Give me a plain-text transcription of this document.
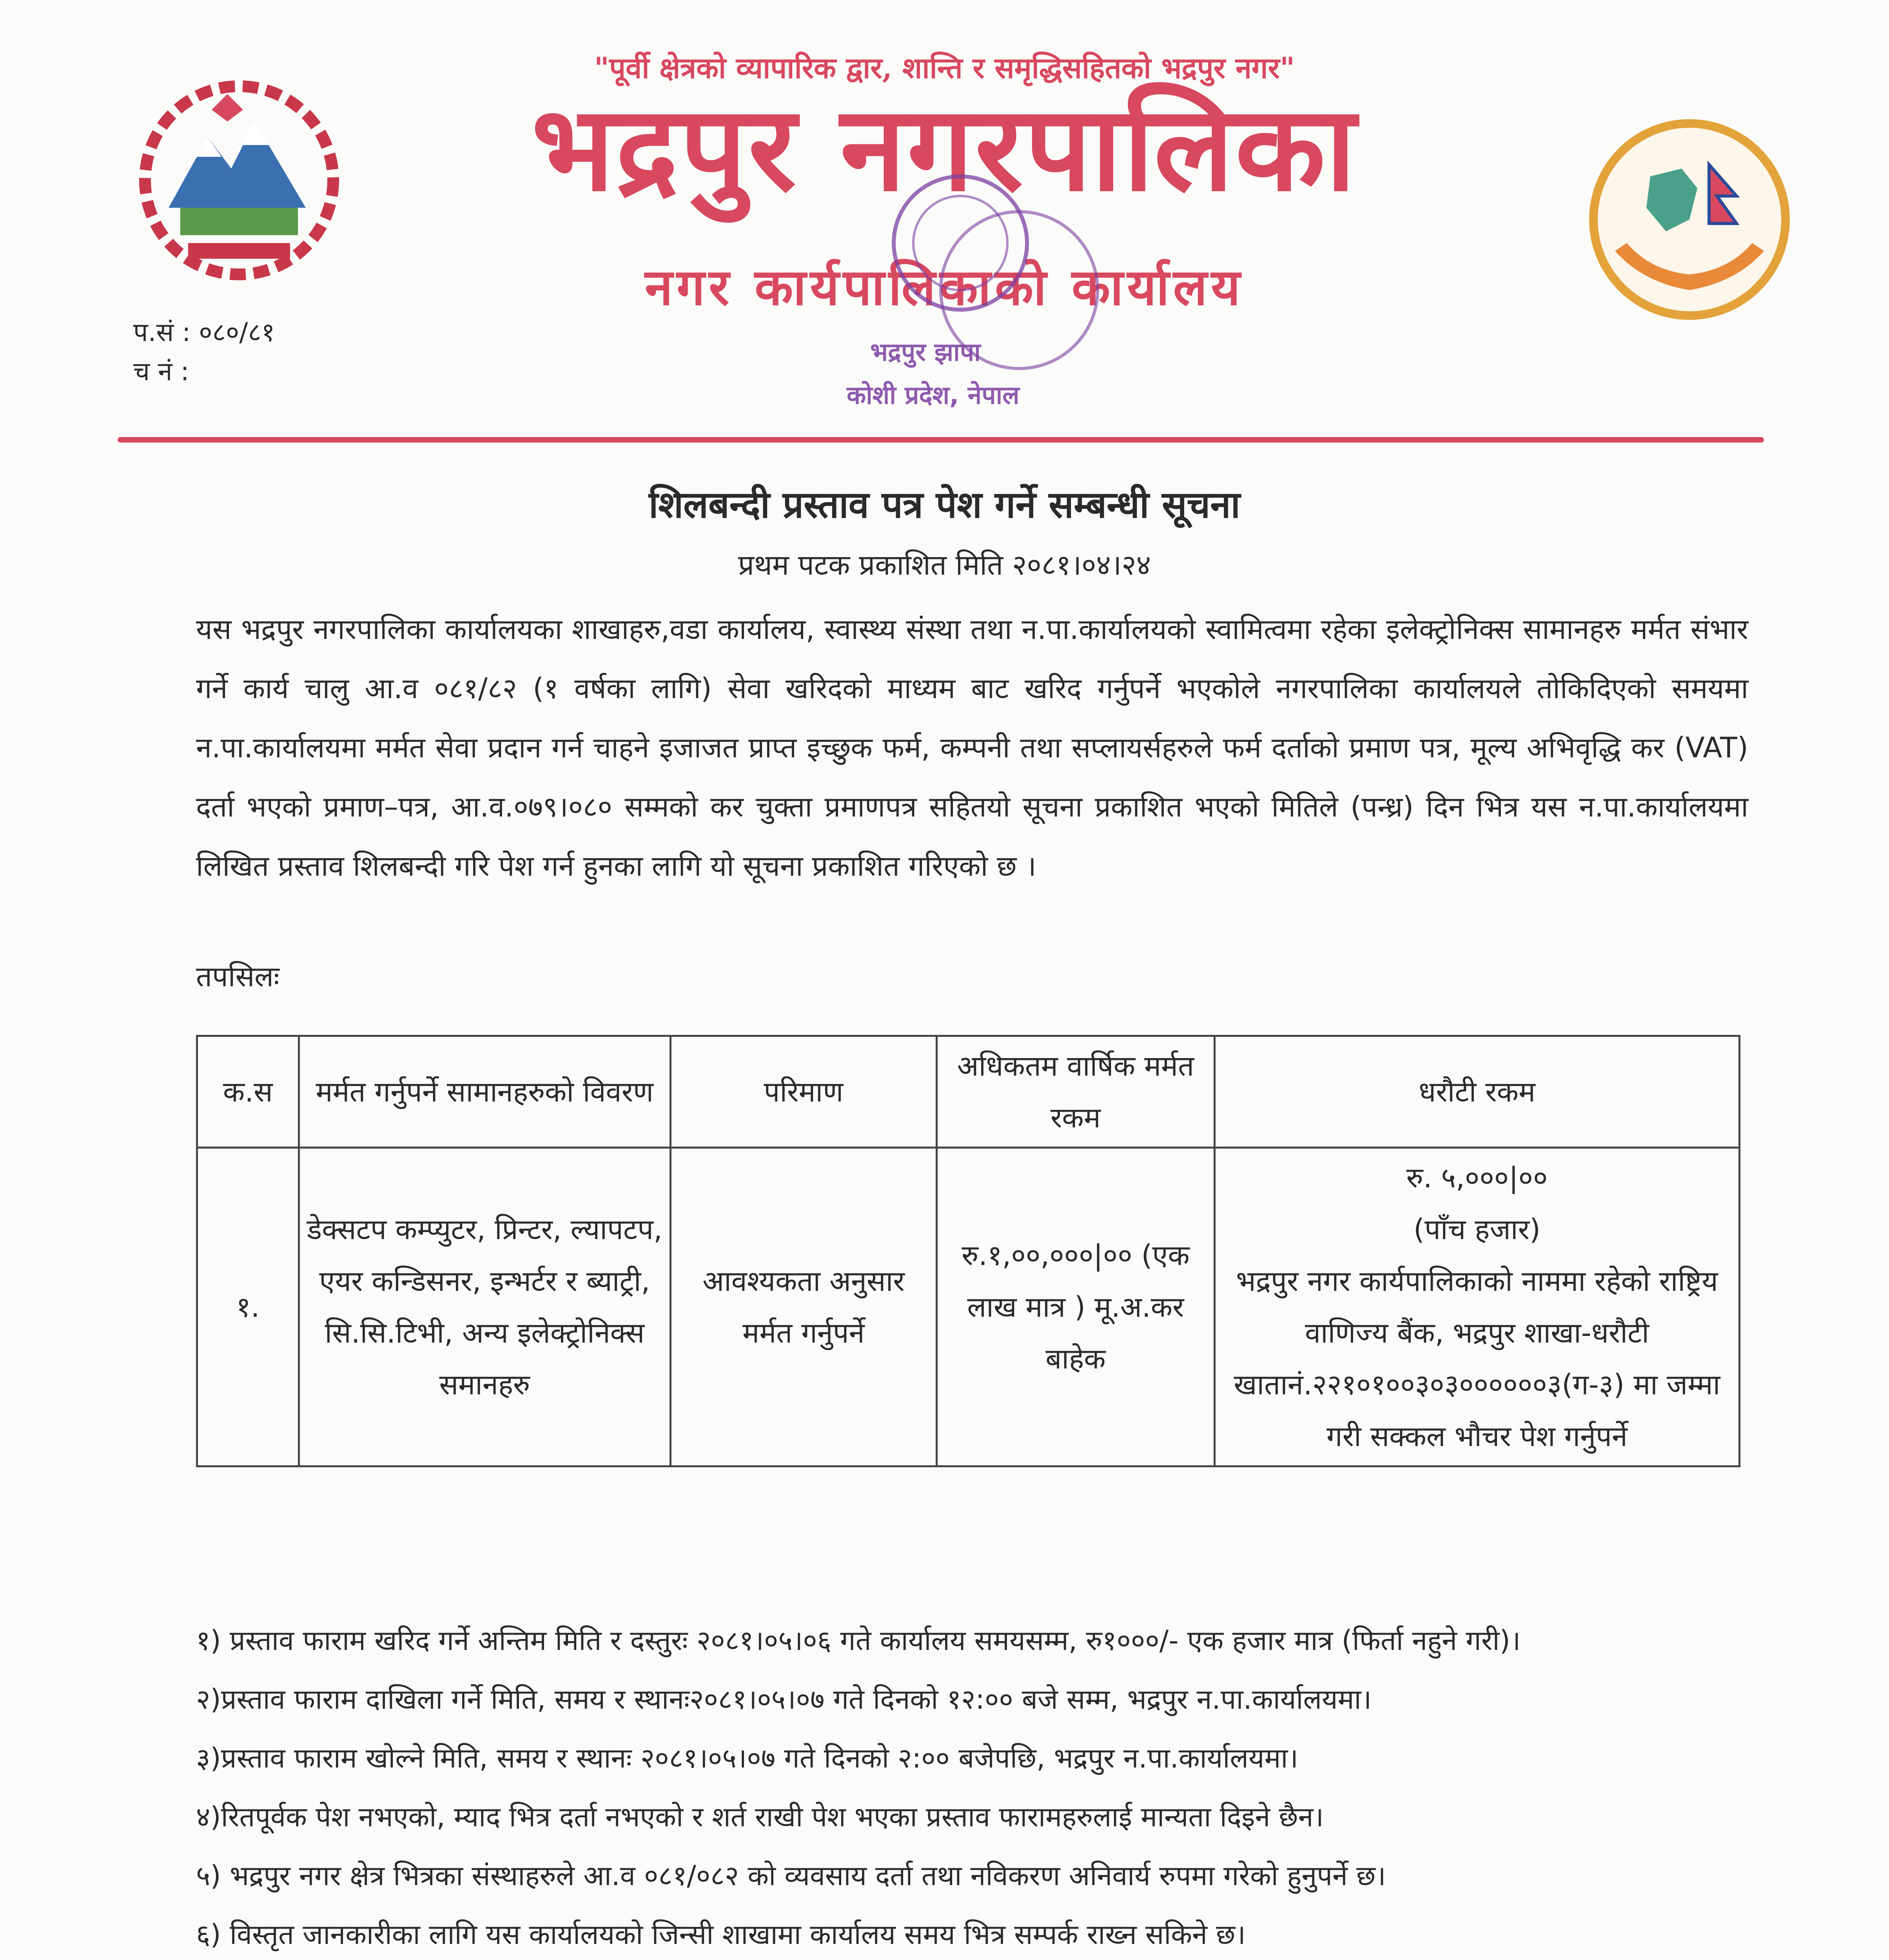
"पूर्वी क्षेत्रको व्यापारिक द्वार, शान्ति र समृद्धिसहितको भद्रपुर नगर"
भद्रपुर नगरपालिका
नगर कार्यपालिकाको कार्यालय
प.सं : ०८०/८१
च नं :
भद्रपुर झापा
कोशी प्रदेश, नेपाल
शिलबन्दी प्रस्ताव पत्र पेश गर्ने सम्बन्धी सूचना
प्रथम पटक प्रकाशित मिति २०८१।०४।२४
यस भद्रपुर नगरपालिका कार्यालयका शाखाहरु,वडा कार्यालय, स्वास्थ्य संस्था तथा न.पा.कार्यालयको स्वामित्वमा रहेका इलेक्ट्रोनिक्स सामानहरु मर्मत संभार गर्ने कार्य चालु आ.व ०८१/८२ (१ वर्षका लागि) सेवा खरिदको माध्यम बाट खरिद गर्नुपर्ने भएकोले नगरपालिका कार्यालयले तोकिदिएको समयमा न.पा.कार्यालयमा मर्मत सेवा प्रदान गर्न चाहने इजाजत प्राप्त इच्छुक फर्म, कम्पनी तथा सप्लायर्सहरुले फर्म दर्ताको प्रमाण पत्र, मूल्य अभिवृद्धि कर (VAT) दर्ता भएको प्रमाण–पत्र, आ.व.०७९।०८० सम्मको कर चुक्ता प्रमाणपत्र सहितयो सूचना प्रकाशित भएको मितिले (पन्ध्र) दिन भित्र यस न.पा.कार्यालयमा लिखित प्रस्ताव शिलबन्दी गरि पेश गर्न हुनका लागि यो सूचना प्रकाशित गरिएको छ ।
तपसिलः
क.स	मर्मत गर्नुपर्ने सामानहरुको विवरण	परिमाण	अधिकतम वार्षिक मर्मत रकम	धरौटी रकम
१.	डेक्सटप कम्प्युटर, प्रिन्टर, ल्यापटप, एयर कन्डिसनर, इन्भर्टर र ब्याट्री, सि.सि.टिभी, अन्य इलेक्ट्रोनिक्स समानहरु	आवश्यकता अनुसार मर्मत गर्नुपर्ने	रु.१,००,०००|०० (एक लाख मात्र ) मू.अ.कर बाहेक	रु. ५,०००|००
(पाँच हजार)
भद्रपुर नगर कार्यपालिकाको नाममा रहेको राष्ट्रिय वाणिज्य बैंक, भद्रपुर शाखा-धरौटी खातानं.२२१०१००३०३००००००३(ग-३) मा जम्मा गरी सक्कल भौचर पेश गर्नुपर्ने
१) प्रस्ताव फाराम खरिद गर्ने अन्तिम मिति र दस्तुरः २०८१।०५।०६ गते कार्यालय समयसम्म, रु१०००/- एक हजार मात्र (फिर्ता नहुने गरी)।
२)प्रस्ताव फाराम दाखिला गर्ने मिति, समय र स्थानः२०८१।०५।०७ गते दिनको १२:०० बजे सम्म, भद्रपुर न.पा.कार्यालयमा।
३)प्रस्ताव फाराम खोल्ने मिति, समय र स्थानः २०८१।०५।०७ गते दिनको २:०० बजेपछि, भद्रपुर न.पा.कार्यालयमा।
४)रितपूर्वक पेश नभएको, म्याद भित्र दर्ता नभएको र शर्त राखी पेश भएका प्रस्ताव फारामहरुलाई मान्यता दिइने छैन।
५) भद्रपुर नगर क्षेत्र भित्रका संस्थाहरुले आ.व ०८१/०८२ को व्यवसाय दर्ता तथा नविकरण अनिवार्य रुपमा गरेको हुनुपर्ने छ।
६) विस्तृत जानकारीका लागि यस कार्यालयको जिन्सी शाखामा कार्यालय समय भित्र सम्पर्क राख्न सकिने छ।
